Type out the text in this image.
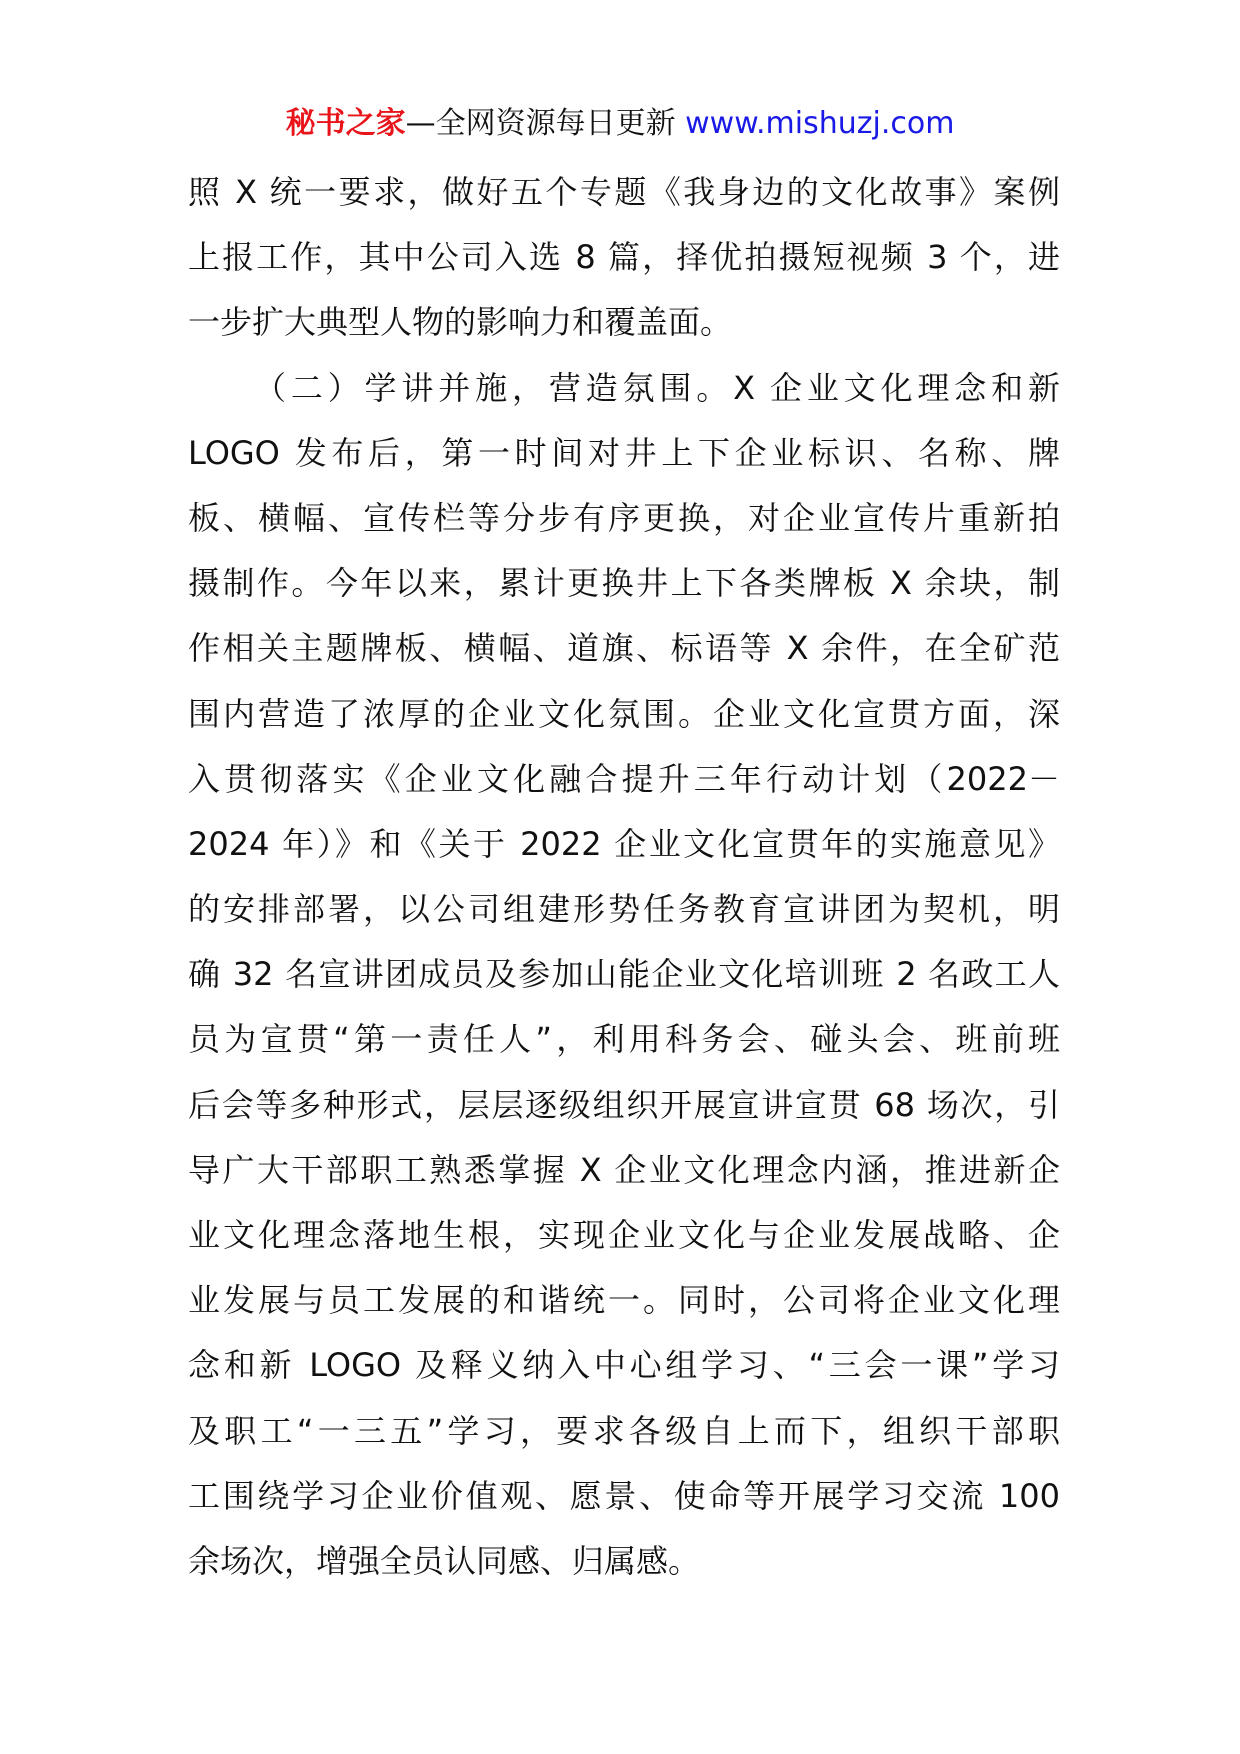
秘书之家—全网资源每日更新 www.mishuzj.com
照 X 统一要求，做好五个专题《我身边的文化故事》案例
上报工作，其中公司入选 8 篇，择优拍摄短视频 3 个，进
一步扩大典型人物的影响力和覆盖面。
（二）学讲并施，营造氛围。X 企业文化理念和新
LOGO 发布后，第一时间对井上下企业标识、名称、牌
板、横幅、宣传栏等分步有序更换，对企业宣传片重新拍
摄制作。今年以来，累计更换井上下各类牌板 X 余块，制
作相关主题牌板、横幅、道旗、标语等 X 余件，在全矿范
围内营造了浓厚的企业文化氛围。企业文化宣贯方面，深
入贯彻落实《企业文化融合提升三年行动计划（2022－
2024 年）》和《关于 2022 企业文化宣贯年的实施意见》
的安排部署，以公司组建形势任务教育宣讲团为契机，明
确 32 名宣讲团成员及参加山能企业文化培训班 2 名政工人
员为宣贯“第一责任人”，利用科务会、碰头会、班前班
后会等多种形式，层层逐级组织开展宣讲宣贯 68 场次，引
导广大干部职工熟悉掌握 X 企业文化理念内涵，推进新企
业文化理念落地生根，实现企业文化与企业发展战略、企
业发展与员工发展的和谐统一。同时，公司将企业文化理
念和新 LOGO 及释义纳入中心组学习、“三会一课”学习
及职工“一三五”学习，要求各级自上而下，组织干部职
工围绕学习企业价值观、愿景、使命等开展学习交流 100
余场次，增强全员认同感、归属感。
